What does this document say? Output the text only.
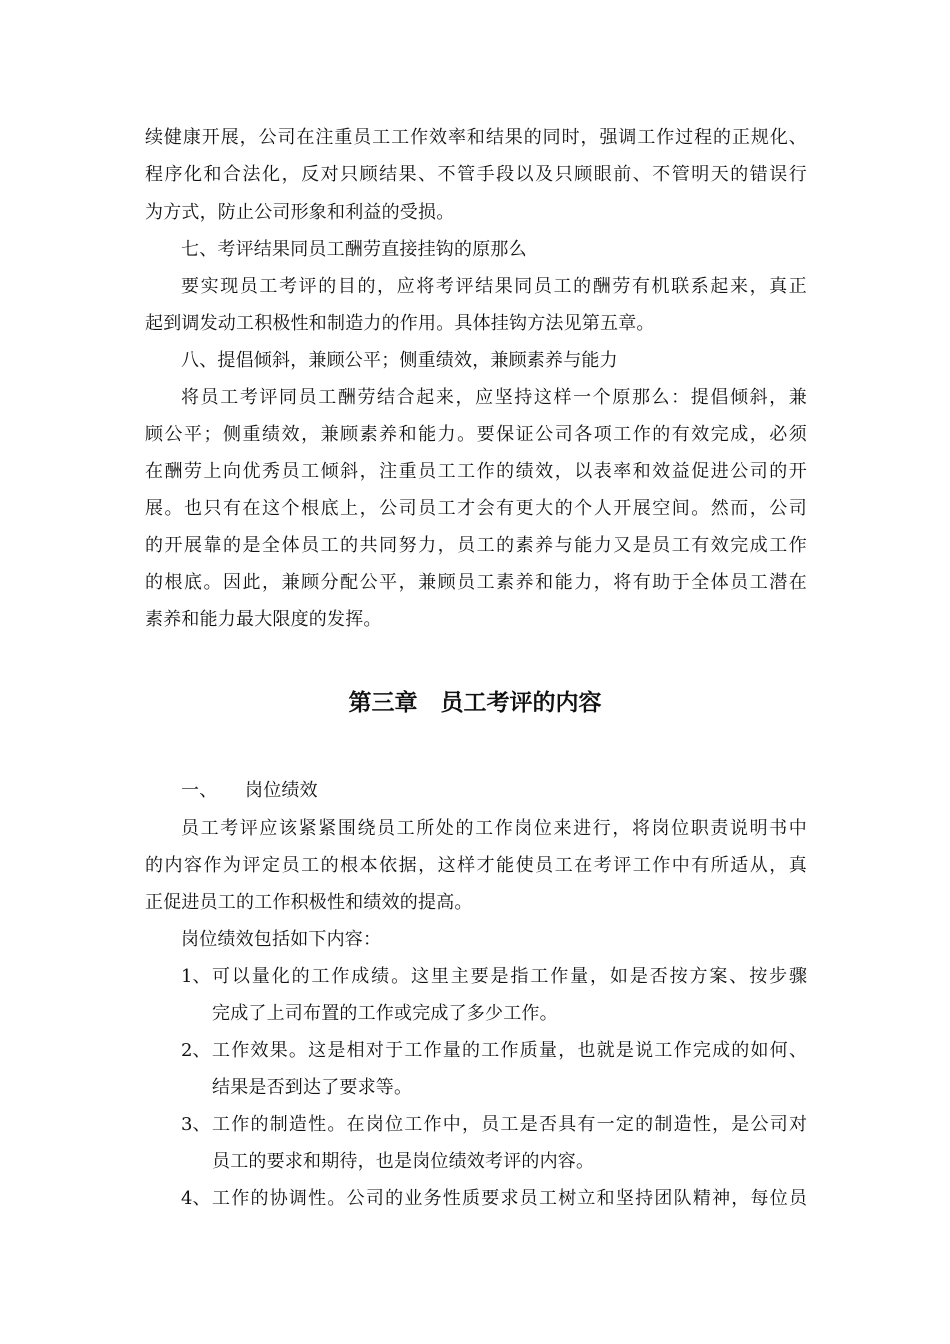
续健康开展，公司在注重员工工作效率和结果的同时，强调工作过程的正规化、
程序化和合法化，反对只顾结果、不管手段以及只顾眼前、不管明天的错误行
为方式，防止公司形象和利益的受损。
七、考评结果同员工酬劳直接挂钩的原那么
要实现员工考评的目的，应将考评结果同员工的酬劳有机联系起来，真正
起到调发动工积极性和制造力的作用。具体挂钩方法见第五章。
八、提倡倾斜，兼顾公平；侧重绩效，兼顾素养与能力
将员工考评同员工酬劳结合起来，应坚持这样一个原那么：提倡倾斜，兼
顾公平；侧重绩效，兼顾素养和能力。要保证公司各项工作的有效完成，必须
在酬劳上向优秀员工倾斜，注重员工工作的绩效，以表率和效益促进公司的开
展。也只有在这个根底上，公司员工才会有更大的个人开展空间。然而，公司
的开展靠的是全体员工的共同努力，员工的素养与能力又是员工有效完成工作
的根底。因此，兼顾分配公平，兼顾员工素养和能力，将有助于全体员工潜在
素养和能力最大限度的发挥。
第三章　员工考评的内容
一、 岗位绩效
员工考评应该紧紧围绕员工所处的工作岗位来进行，将岗位职责说明书中
的内容作为评定员工的根本依据，这样才能使员工在考评工作中有所适从，真
正促进员工的工作积极性和绩效的提高。
岗位绩效包括如下内容：
1、 可以量化的工作成绩。这里主要是指工作量，如是否按方案、按步骤
完成了上司布置的工作或完成了多少工作。
2、 工作效果。这是相对于工作量的工作质量，也就是说工作完成的如何、
结果是否到达了要求等。
3、 工作的制造性。在岗位工作中，员工是否具有一定的制造性，是公司对
员工的要求和期待，也是岗位绩效考评的内容。
4、 工作的协调性。公司的业务性质要求员工树立和坚持团队精神，每位员
